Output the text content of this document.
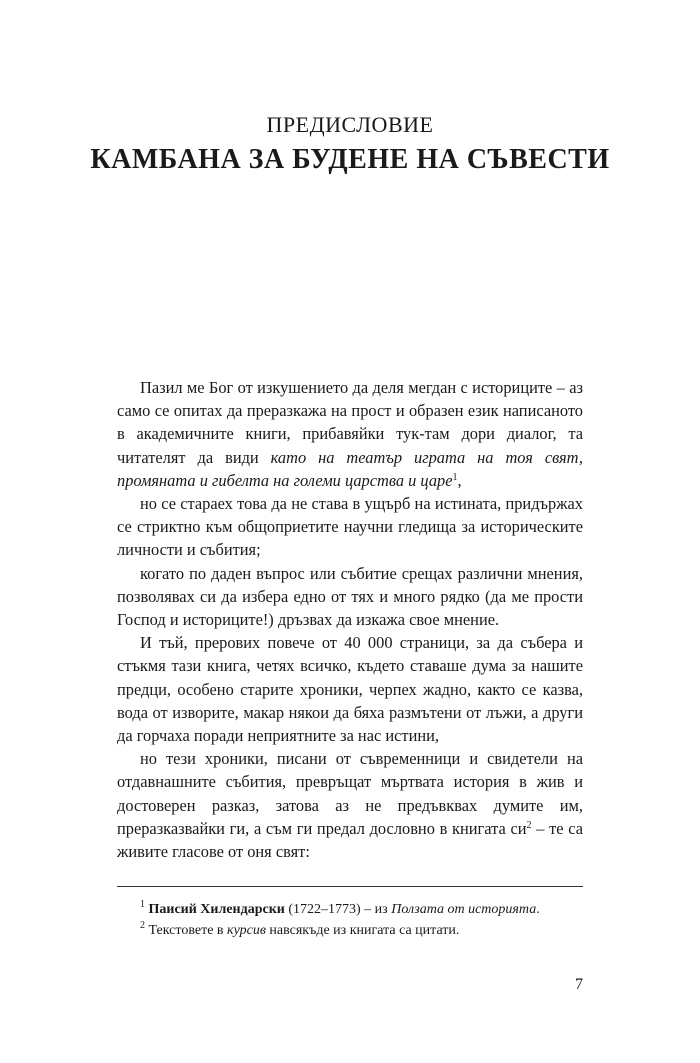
ПРЕДИСЛОВИЕ
КАМБАНА ЗА БУДЕНЕ НА СЪВЕСТИ

Пазил ме Бог от изкушението да деля мегдан с историците – аз само се опитах да преразкажа на прост и образен език написаното в академичните книги, прибавяйки тук-там дори диалог, та читателят да види като на театър играта на тоя свят, промяната и гибелта на големи царства и царе$^1$,

но се стараех това да не става в ущърб на истината, придържах се стриктно към общоприетите научни гледища за историческите личности и събития;

когато по даден въпрос или събитие срещах различни мнения, позволявах си да избера едно от тях и много рядко (да ме прости Господ и историците!) дръзвах да изкажа свое мнение.

И тъй, прерових повече от 40 000 страници, за да събера и стъкмя тази книга, четях всичко, където ставаше дума за нашите предци, особено старите хроники, черпех жадно, както се казва, вода от изворите, макар някои да бяха размътени от лъжи, а други да горчаха поради неприятните за нас истини,

но тези хроники, писани от съвременници и свидетели на отдавнашните събития, превръщат мъртвата история в жив и достоверен разказ, затова аз не предъвквах думите им, преразказвайки ги, а съм ги предал дословно в книгата $си^2$ – те са живите гласове от оня свят:

$^1$ Паисий Хилендарски (1722–1773) – из Ползата от историята.

$^2$ Текстовете в курсив навсякъде из книгата са цитати.

7
